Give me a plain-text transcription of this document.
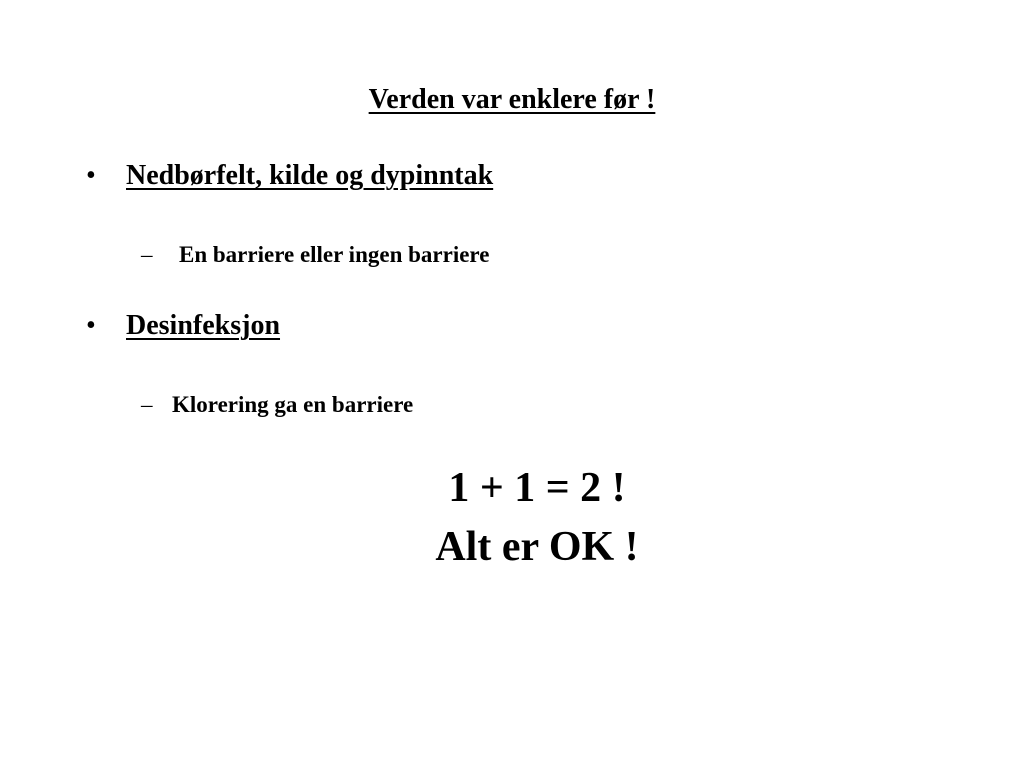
Verden var enklere før !
• Nedbørfelt, kilde og dypinntak
– En barriere eller ingen barriere
• Desinfeksjon
– Klorering ga en barriere
1 + 1 = 2 !
Alt er OK !
